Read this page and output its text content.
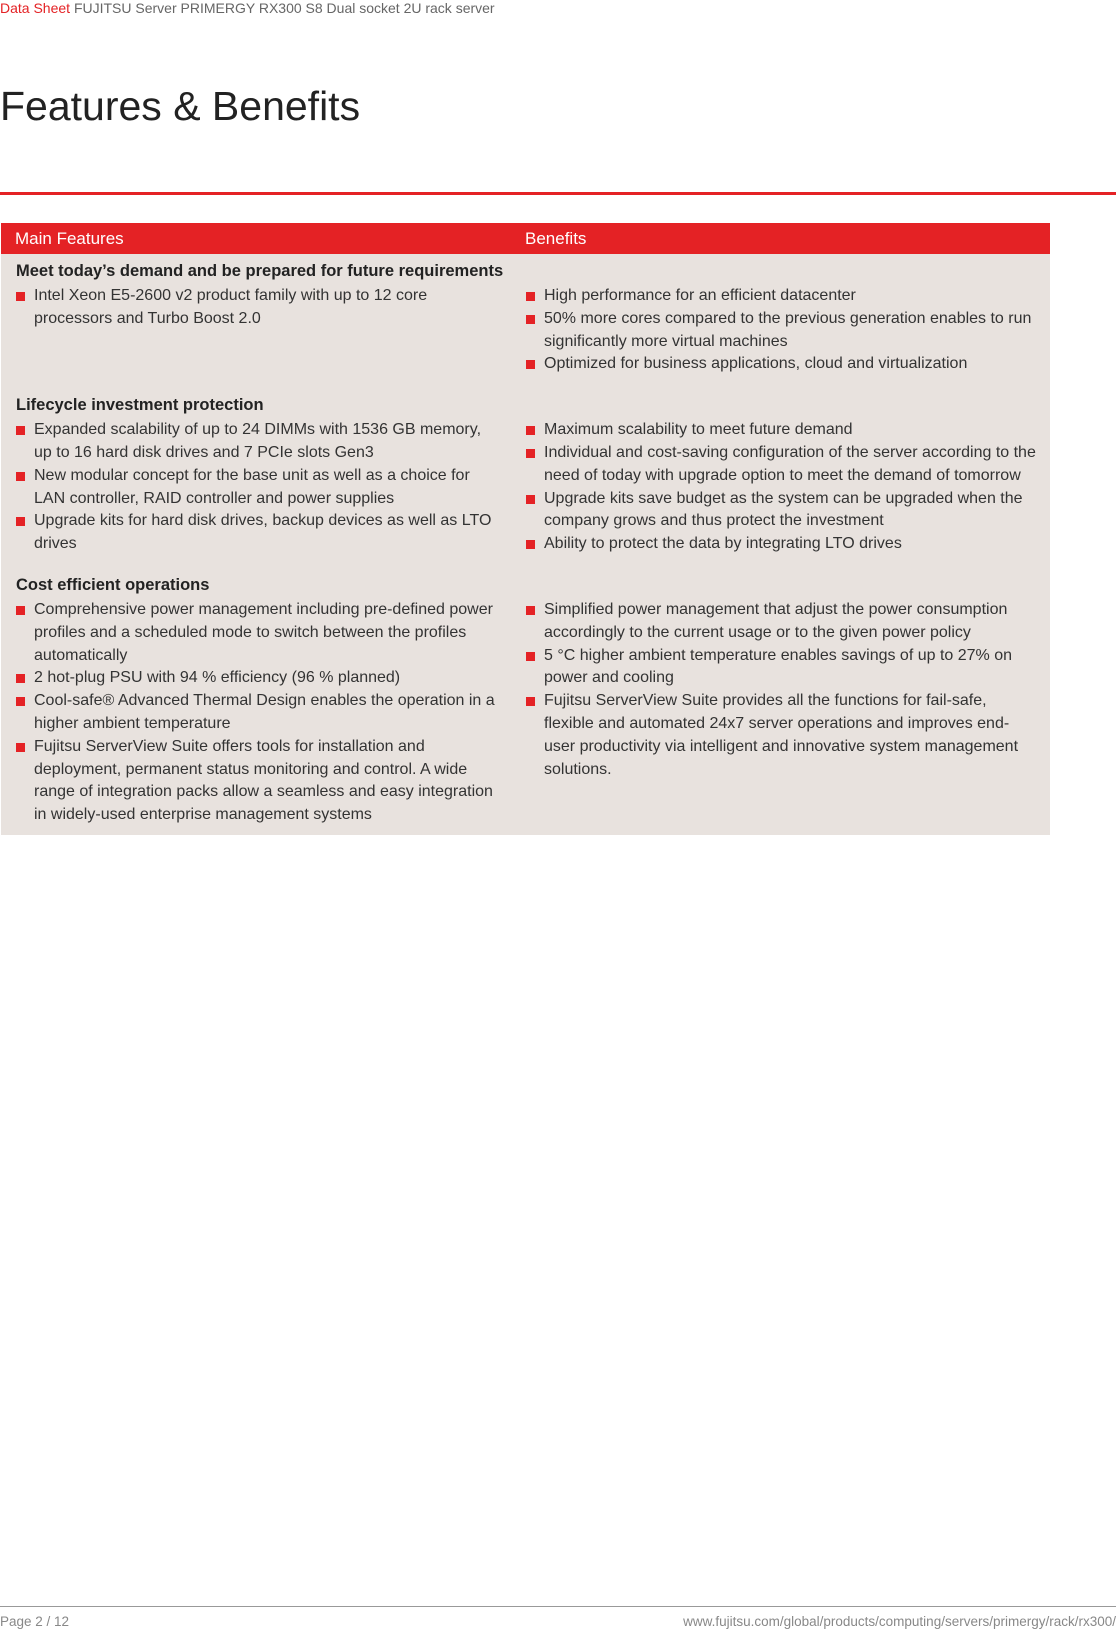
Data Sheet FUJITSU Server PRIMERGY RX300 S8 Dual socket 2U rack server
Features & Benefits
Main Features	Benefits
Meet today’s demand and be prepared for future requirements
Intel Xeon E5-2600 v2 product family with up to 12 core processors and Turbo Boost 2.0
High performance for an efficient datacenter
50% more cores compared to the previous generation enables to run significantly more virtual machines
Optimized for business applications, cloud and virtualization
Lifecycle investment protection
Expanded scalability of up to 24 DIMMs with 1536 GB memory, up to 16 hard disk drives and 7 PCIe slots Gen3
New modular concept for the base unit as well as a choice for LAN controller, RAID controller and power supplies
Upgrade kits for hard disk drives, backup devices as well as LTO drives
Maximum scalability to meet future demand
Individual and cost-saving configuration of the server according to the need of today with upgrade option to meet the demand of tomorrow
Upgrade kits save budget as the system can be upgraded when the company grows and thus protect the investment
Ability to protect the data by integrating LTO drives
Cost efficient operations
Comprehensive power management including pre-defined power profiles and a scheduled mode to switch between the profiles automatically
2 hot-plug PSU with 94 % efficiency (96 % planned)
Cool-safe® Advanced Thermal Design enables the operation in a higher ambient temperature
Fujitsu ServerView Suite offers tools for installation and deployment, permanent status monitoring and control. A wide range of integration packs allow a seamless and easy integration in widely-used enterprise management systems
Simplified power management that adjust the power consumption accordingly to the current usage or to the given power policy
5 °C higher ambient temperature enables savings of up to 27% on power and cooling
Fujitsu ServerView Suite provides all the functions for fail-safe, flexible and automated 24x7 server operations and improves end-user productivity via intelligent and innovative system management solutions.
Page 2 / 12	www.fujitsu.com/global/products/computing/servers/primergy/rack/rx300/
